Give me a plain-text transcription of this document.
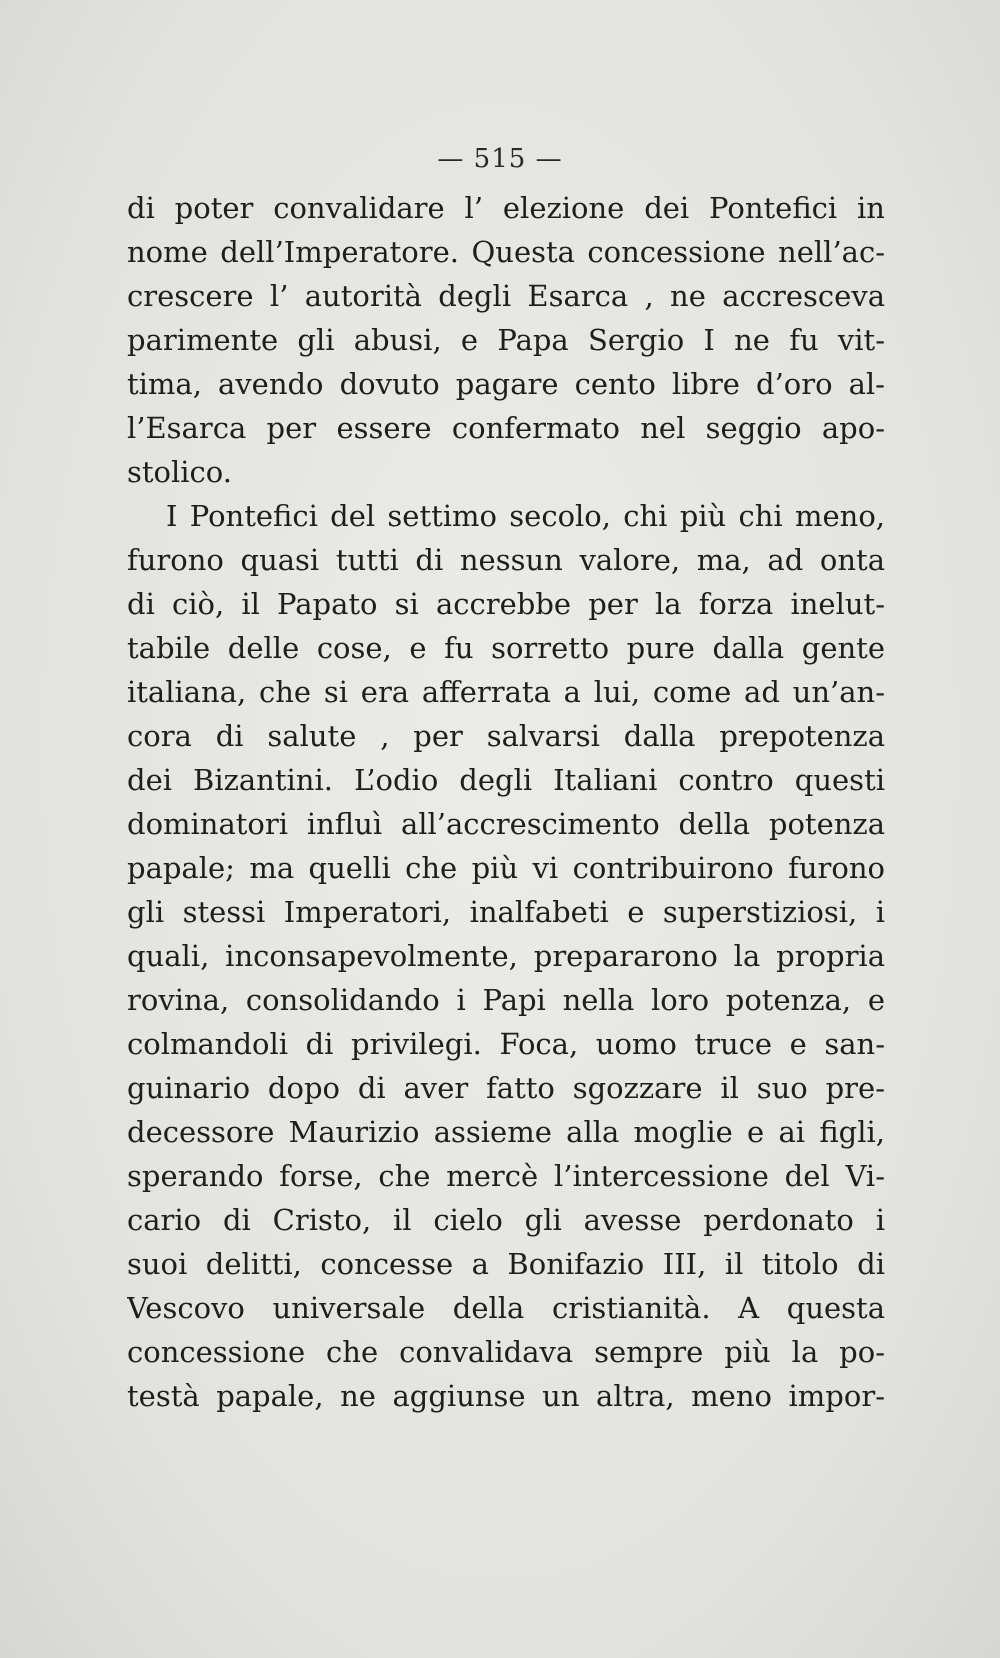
— 515 —
di poter convalidare l’ elezione dei Pontefici in
nome dell’Imperatore. Questa concessione nell’ac-
crescere l’ autorità degli Esarca , ne accresceva
parimente gli abusi, e Papa Sergio I ne fu vit-
tima, avendo dovuto pagare cento libre d’oro al-
l’Esarca per essere confermato nel seggio apo-
stolico.
I Pontefici del settimo secolo, chi più chi meno,
furono quasi tutti di nessun valore, ma, ad onta
di ciò, il Papato si accrebbe per la forza inelut-
tabile delle cose, e fu sorretto pure dalla gente
italiana, che si era afferrata a lui, come ad un’an-
cora di salute , per salvarsi dalla prepotenza
dei Bizantini. L’odio degli Italiani contro questi
dominatori influì all’accrescimento della potenza
papale; ma quelli che più vi contribuirono furono
gli stessi Imperatori, inalfabeti e superstiziosi, i
quali, inconsapevolmente, prepararono la propria
rovina, consolidando i Papi nella loro potenza, e
colmandoli di privilegi. Foca, uomo truce e san-
guinario dopo di aver fatto sgozzare il suo pre-
decessore Maurizio assieme alla moglie e ai figli,
sperando forse, che mercè l’intercessione del Vi-
cario di Cristo, il cielo gli avesse perdonato i
suoi delitti, concesse a Bonifazio III, il titolo di
Vescovo universale della cristianità. A questa
concessione che convalidava sempre più la po-
testà papale, ne aggiunse un altra, meno impor-
